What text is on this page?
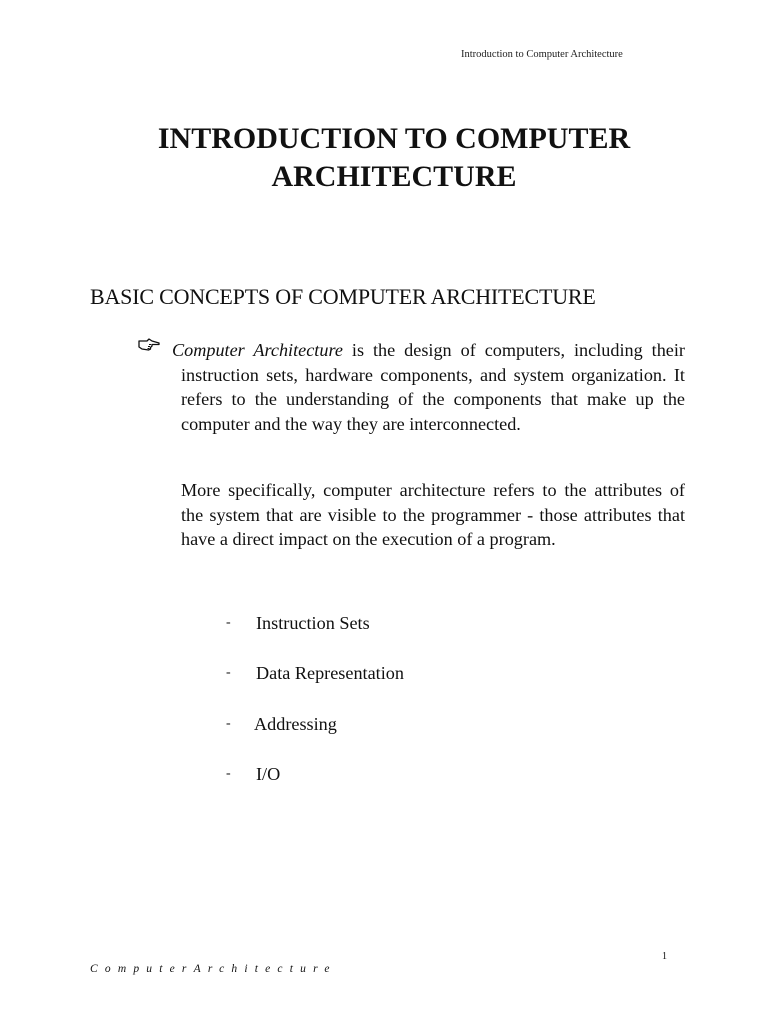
Introduction to Computer Architecture
INTRODUCTION TO COMPUTER
ARCHITECTURE
BASIC CONCEPTS OF COMPUTER ARCHITECTURE

Computer Architecture is the design of computers, including their instruction sets, hardware components, and system organization. It refers to the understanding of the components that make up the computer and the way they are interconnected.

More specifically, computer architecture refers to the attributes of the system that are visible to the programmer - those attributes that have a direct impact on the execution of a program.

- Instruction Sets
- Data Representation
- Addressing
- I/O
1
ComputerArchitecture
